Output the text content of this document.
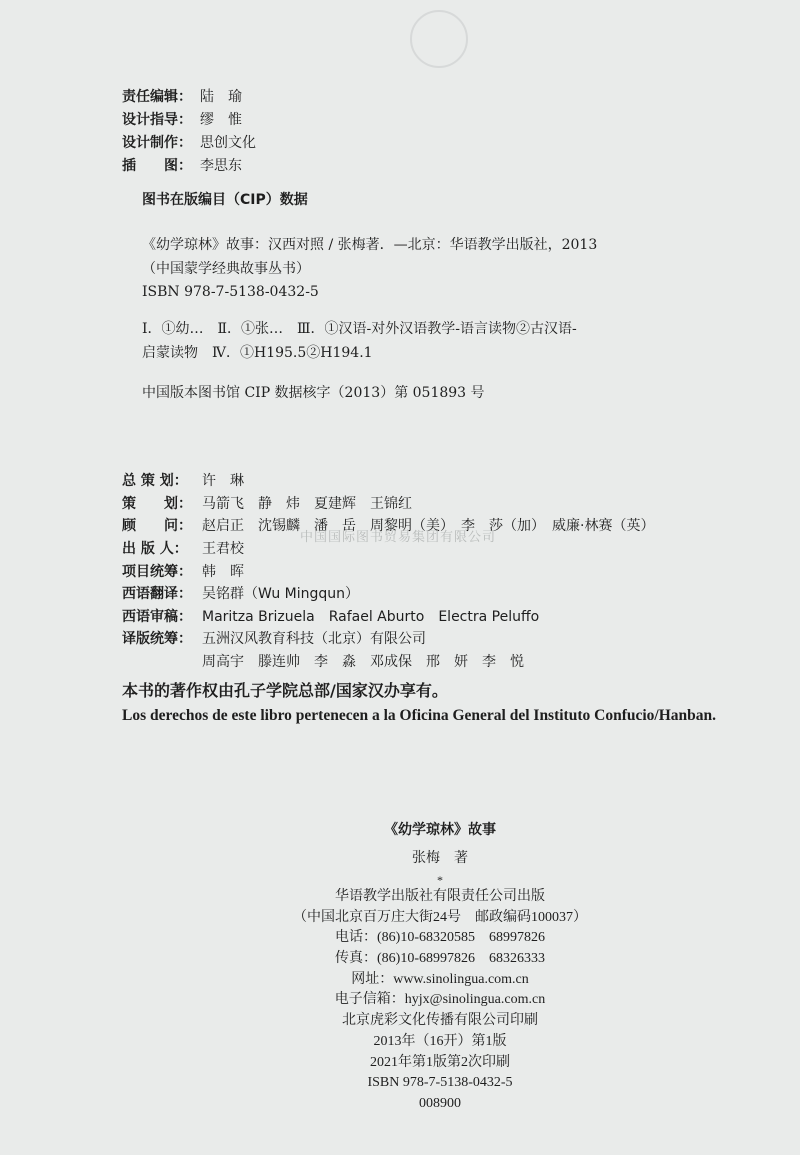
责任编辑： 陆　瑜
设计指导： 缪　惟
设计制作： 思创文化
插　　图： 李思东
图书在版编目（CIP）数据
《幼学琼林》故事：汉西对照 / 张梅著．—北京：华语教学出版社，2013
（中国蒙学经典故事丛书）
ISBN 978-7-5138-0432-5
Ⅰ．①幼…　Ⅱ．①张…　Ⅲ．①汉语-对外汉语教学-语言读物②古汉语-
启蒙读物　Ⅳ．①H195.5②H194.1
中国版本图书馆 CIP 数据核字（2013）第 051893 号
总 策 划：	许　琳
策　　划： 马箭飞　静　炜　夏建辉　王锦红
顾　　问： 赵启正　沈锡麟　潘　岳　周黎明（美）　李　莎（加）　威廉·林赛（英）
出 版 人：	王君校
项目统筹： 韩　晖
西语翻译： 吴铭群（Wu Mingqun）
西语审稿： Maritza Brizuela　Rafael Aburto　Electra Peluffo
译版统筹： 五洲汉风教育科技（北京）有限公司
周高宇　滕连帅　李　淼　邓成保　邢　妍　李　悦
中国国际图书贸易集团有限公司
本书的著作权由孔子学院总部/国家汉办享有。
Los derechos de este libro pertenecen a la Oficina General del Instituto Confucio/Hanban.
《幼学琼林》故事
张梅　著
*
华语教学出版社有限责任公司出版
（中国北京百万庄大街24号　邮政编码100037）
电话：(86)10-68320585　68997826
传真：(86)10-68997826　68326333
网址：www.sinolingua.com.cn
电子信箱：hyjx@sinolingua.com.cn
北京虎彩文化传播有限公司印刷
2013年（16开）第1版
2021年第1版第2次印刷
ISBN 978-7-5138-0432-5
008900
